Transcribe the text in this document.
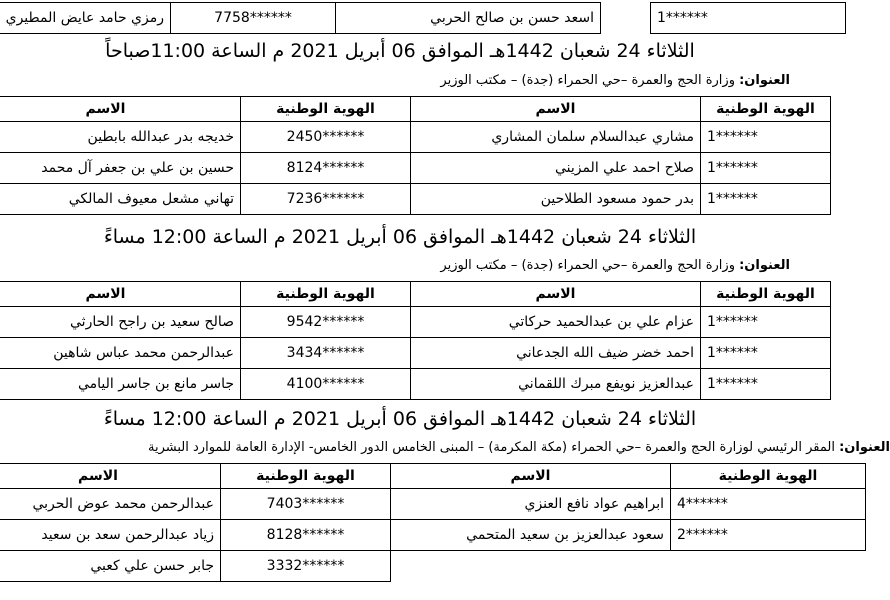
رمزي حامد عايض المطيري	******7758	اسعد حسن بن صالح الحربي		******1
الثلاثاء 24 شعبان 1442هـ الموافق 06 أبريل 2021 م الساعة 11:00صباحاً
العنوان: وزارة الحج والعمرة –حي الحمراء (جدة) – مكتب الوزير
الاسم	الهوية الوطنية	الاسم	الهوية الوطنية
خديجه بدر عبدالله بابطين	******2450	مشاري عبدالسلام سلمان المشاري	******1
حسين بن علي بن جعفر آل محمد	******8124	صلاح احمد علي المزيني	******1
تهاني مشعل معيوف المالكي	******7236	بدر حمود مسعود الطلاحين	******1
الثلاثاء 24 شعبان 1442هـ الموافق 06 أبريل 2021 م الساعة 12:00 مساءً
العنوان: وزارة الحج والعمرة –حي الحمراء (جدة) – مكتب الوزير
الاسم	الهوية الوطنية	الاسم	الهوية الوطنية
صالح سعيد بن راجح الحارثي	******9542	عزام علي بن عبدالحميد حركاتي	******1
عبدالرحمن محمد عباس شاهين	******3434	احمد خضر ضيف الله الجدعاني	******1
جاسر مانع بن جاسر اليامي	******4100	عبدالعزيز نويفع مبرك اللقماني	******1
الثلاثاء 24 شعبان 1442هـ الموافق 06 أبريل 2021 م الساعة 12:00 مساءً
العنوان: المقر الرئيسي لوزارة الحج والعمرة –حي الحمراء (مكة المكرمة) – المبنى الخامس الدور الخامس- الإدارة العامة للموارد البشرية
الاسم	الهوية الوطنية	الاسم	الهوية الوطنية
عبدالرحمن محمد عوض الحربي	******7403	ابراهيم عواد نافع العنزي	******4
زياد عبدالرحمن سعد بن سعيد	******8128	سعود عبدالعزيز بن سعيد المتحمي	******2
جابر حسن علي كعبي	******3332		
